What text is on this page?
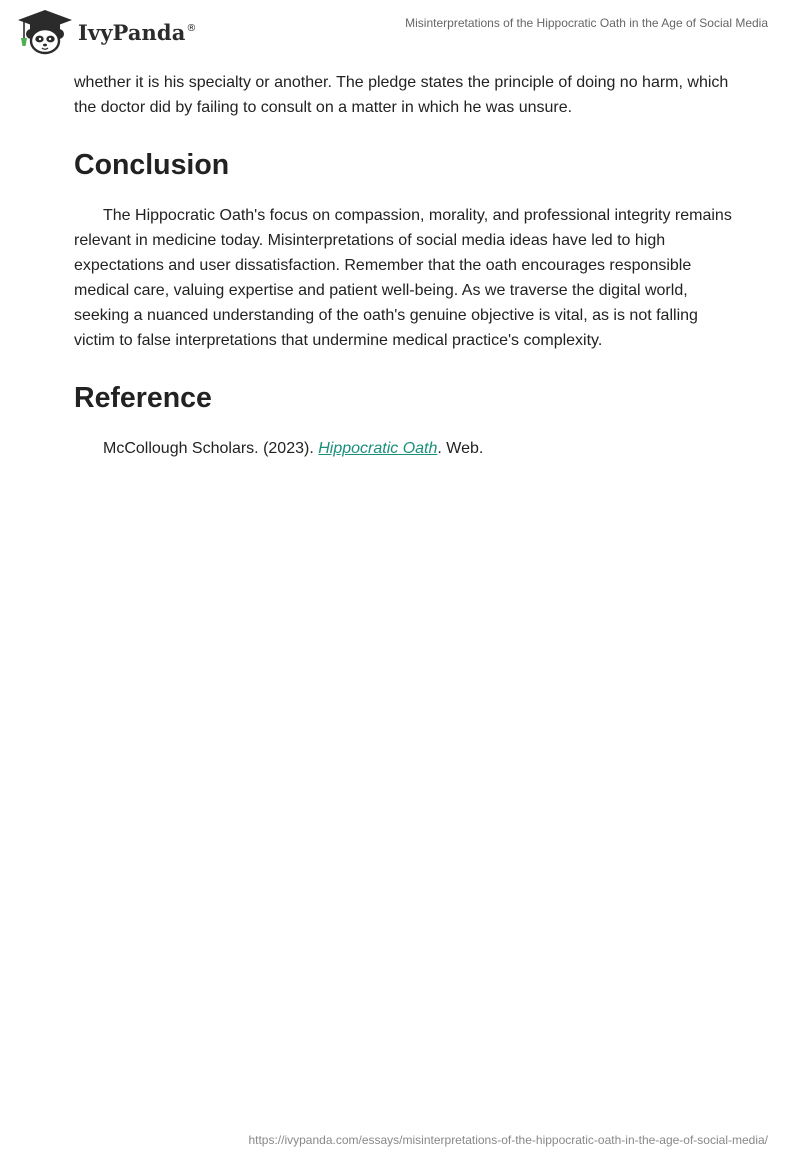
IvyPanda ®	Misinterpretations of the Hippocratic Oath in the Age of Social Media

whether it is his specialty or another. The pledge states the principle of doing no harm, which the doctor did by failing to consult on a matter in which he was unsure.

Conclusion

The Hippocratic Oath's focus on compassion, morality, and professional integrity remains relevant in medicine today. Misinterpretations of social media ideas have led to high expectations and user dissatisfaction. Remember that the oath encourages responsible medical care, valuing expertise and patient well-being. As we traverse the digital world, seeking a nuanced understanding of the oath's genuine objective is vital, as is not falling victim to false interpretations that undermine medical practice's complexity.

Reference

McCollough Scholars. (2023). Hippocratic Oath. Web.

https://ivypanda.com/essays/misinterpretations-of-the-hippocratic-oath-in-the-age-of-social-media/
